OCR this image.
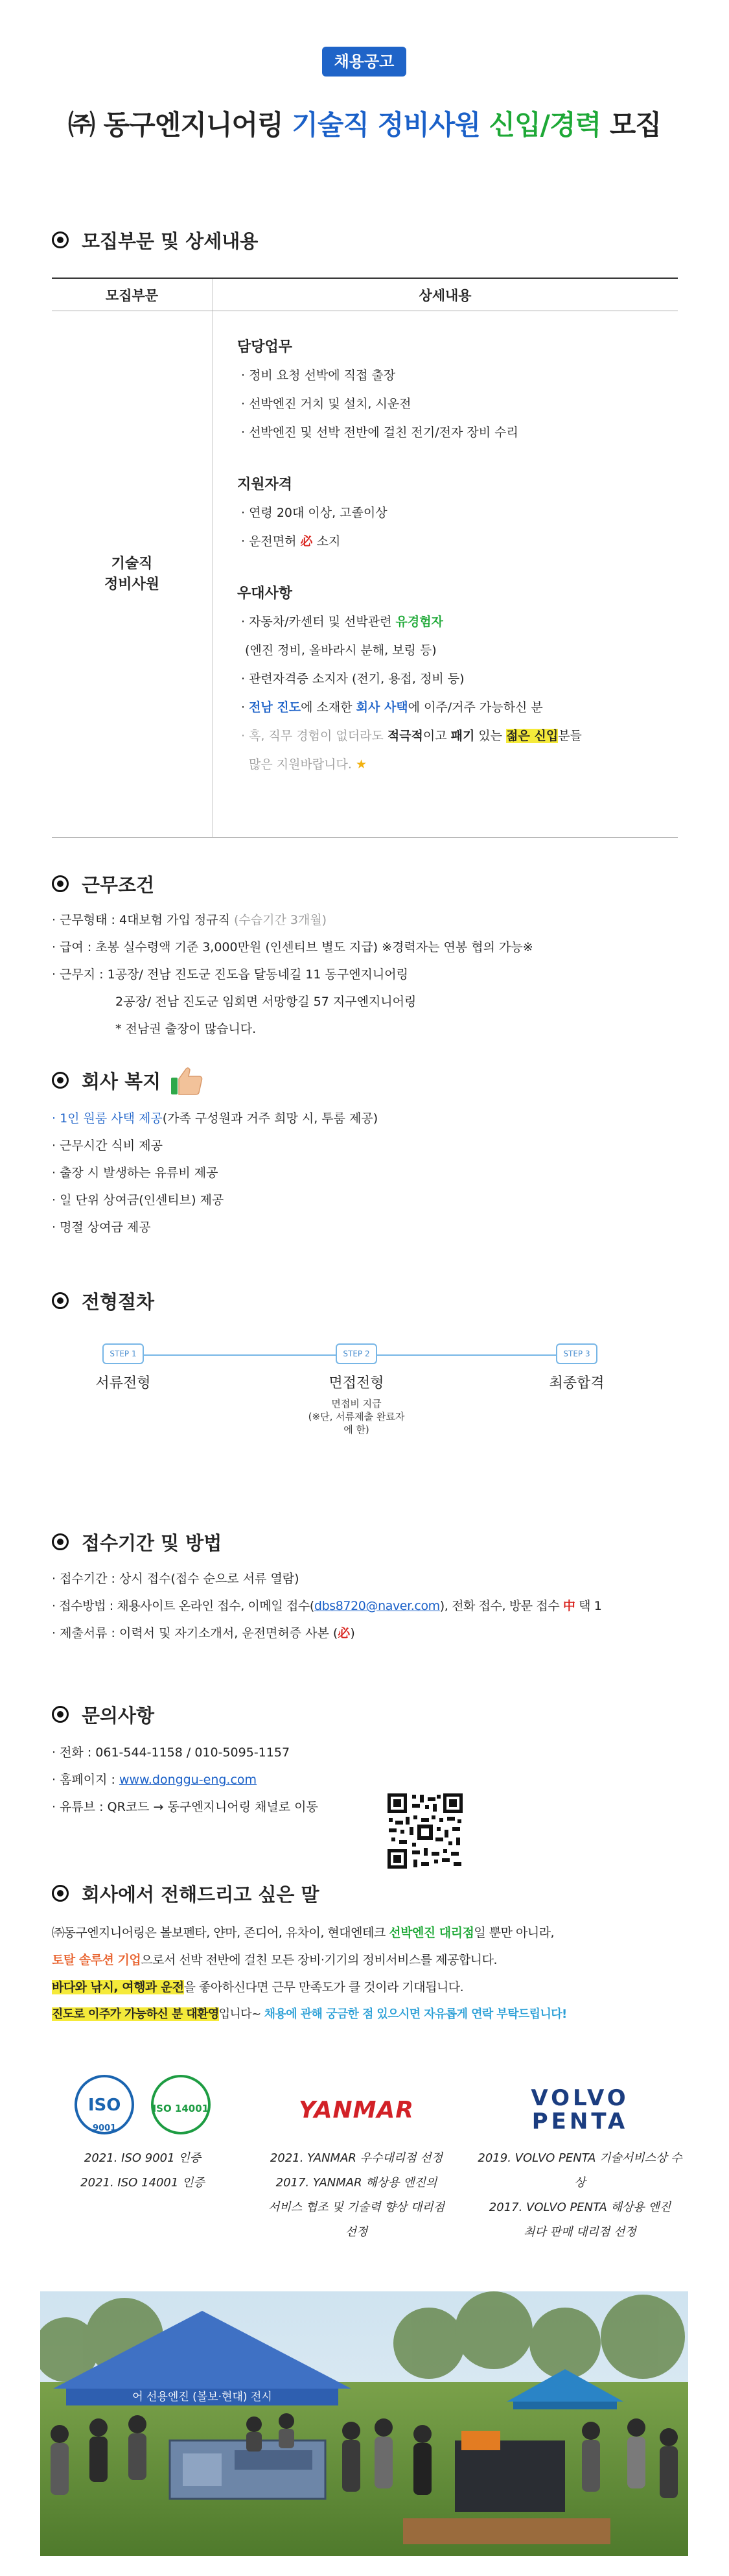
채용공고
㈜ 동구엔지니어링 기술직 정비사원 신입/경력 모집
모집부문 및 상세내용
모집부문	상세내용
기술직
정비사원
담당업무
· 정비 요청 선박에 직접 출장
· 선박엔진 거치 및 설치, 시운전
· 선박엔진 및 선박 전반에 걸친 전기/전자 장비 수리
지원자격
· 연령 20대 이상, 고졸이상
· 운전면허 必 소지
우대사항
· 자동차/카센터 및 선박관련 유경험자
(엔진 정비, 올바라시 분해, 보링 등)
· 관련자격증 소지자 (전기, 용접, 정비 등)
· 전남 진도에 소재한 회사 사택에 이주/거주 가능하신 분
· 혹, 직무 경험이 없더라도 적극적이고 패기 있는 젊은 신입분들
많은 지원바랍니다. ★
근무조건
· 근무형태 : 4대보험 가입 정규직 (수습기간 3개월)
· 급여 : 초봉 실수령액 기준 3,000만원 (인센티브 별도 지급) ※경력자는 연봉 협의 가능※
· 근무지 : 1공장/ 전남 진도군 진도읍 달동네길 11 동구엔지니어링
2공장/ 전남 진도군 임회면 서망항길 57 지구엔지니어링
* 전남권 출장이 많습니다.
회사 복지
· 1인 원룸 사택 제공(가족 구성원과 거주 희망 시, 투룸 제공)
· 근무시간 식비 제공
· 출장 시 발생하는 유류비 제공
· 일 단위 상여금(인센티브) 제공
· 명절 상여금 제공
전형절차
STEP 1
서류전형
STEP 2
면접전형
면접비 지급
(※단, 서류제출 완료자에 한)
STEP 3
최종합격
접수기간 및 방법
· 접수기간 : 상시 접수(접수 순으로 서류 열람)
· 접수방법 : 채용사이트 온라인 접수, 이메일 접수(dbs8720@naver.com), 전화 접수, 방문 접수 中 택 1
· 제출서류 : 이력서 및 자기소개서, 운전면허증 사본 (必)
문의사항
· 전화 : 061-544-1158 / 010-5095-1157
· 홈페이지 : www.donggu-eng.com
· 유튜브 : QR코드 → 동구엔지니어링 채널로 이동
회사에서 전해드리고 싶은 말
㈜동구엔지니어링은 볼보펜타, 얀마, 존디어, 유차이, 현대엔테크 선박엔진 대리점일 뿐만 아니라,
토탈 솔루션 기업으로서 선박 전반에 걸친 모든 장비·기기의 정비서비스를 제공합니다.
바다와 낚시, 여행과 운전을 좋아하신다면 근무 만족도가 클 것이라 기대됩니다.
진도로 이주가 가능하신 분 대환영입니다~ 채용에 관해 궁금한 점 있으시면 자유롭게 연락 부탁드립니다!
ISO
9001

ISO 14001
2021. ISO 9001 인증
2021. ISO 14001 인증
YANMAR
2021. YANMAR 우수대리점 선정
2017. YANMAR 해상용 엔진의
서비스 협조 및 기술력 향상 대리점
선정
VOLVO
PENTA
2019. VOLVO PENTA 기술서비스상 수상
2017. VOLVO PENTA 해상용 엔진
최다 판매 대리점 선정
어 선용엔진 (볼보·현대) 전시
